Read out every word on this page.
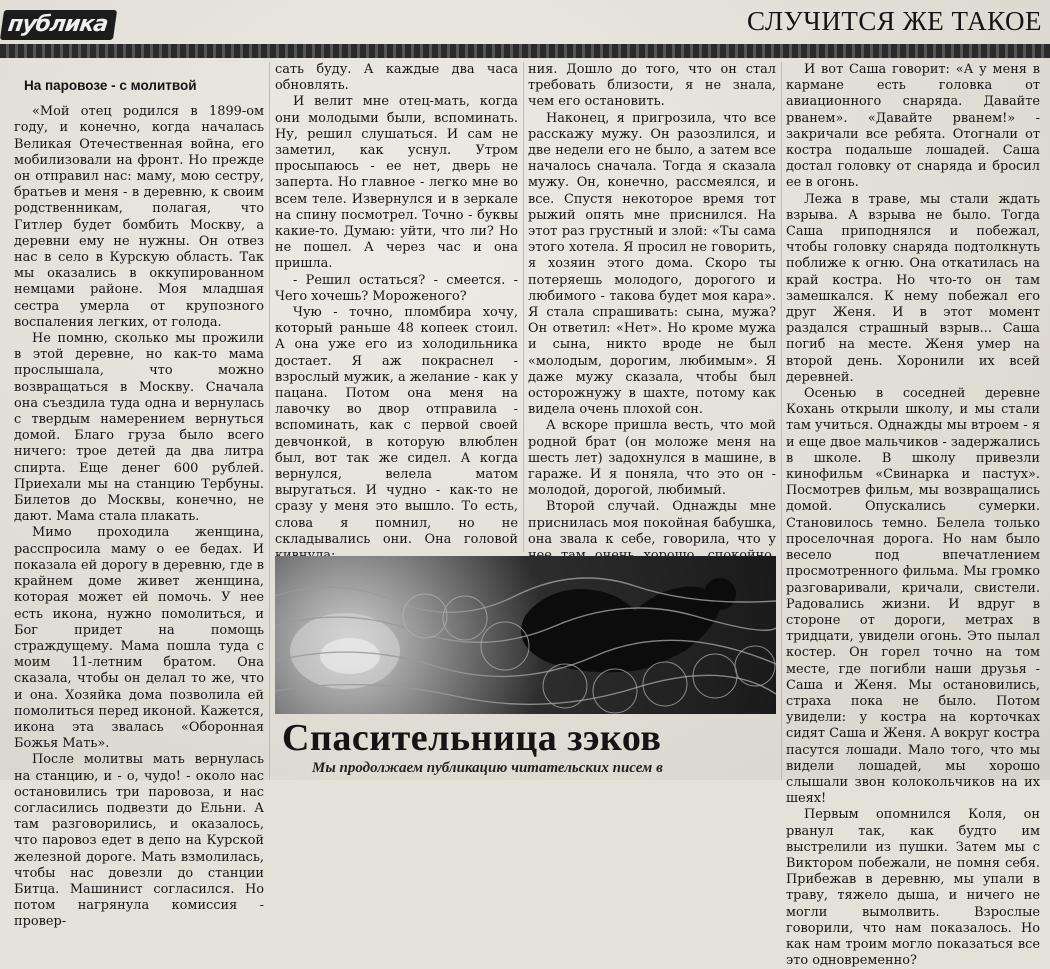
публика	СЛУЧИТСЯ ЖЕ ТАКОЕ
На паровозе - с молитвой

«Мой отец родился в 1899-ом году, и конечно, когда началась Великая Отечественная война, его мобилизовали на фронт. Но прежде он отправил нас: маму, мою сестру, братьев и меня - в деревню, к своим родственникам, полагая, что Гитлер будет бомбить Москву, а деревни ему не нужны. Он отвез нас в село в Курскую область. Так мы оказались в оккупированном немцами районе. Моя младшая сестра умерла от крупозного воспаления легких, от голода.

Не помню, сколько мы прожили в этой деревне, но как-то мама прослышала, что можно возвращаться в Москву. Сначала она съездила туда одна и вернулась с твердым намерением вернуться домой. Благо груза было всего ничего: трое детей да два литра спирта. Еще денег 600 рублей. Приехали мы на станцию Тербуны. Билетов до Москвы, конечно, не дают. Мама стала плакать.

Мимо проходила женщина, расспросила маму о ее бедах. И показала ей дорогу в деревню, где в крайнем доме живет женщина, которая может ей помочь. У нее есть икона, нужно помолиться, и Бог придет на помощь страждущему. Мама пошла туда с моим 11-летним братом. Она сказала, чтобы он делал то же, что и она. Хозяйка дома позволила ей помолиться перед иконой. Кажется, икона эта звалась «Оборонная Божья Мать».

После молитвы мать вернулась на станцию, и - о, чудо! - около нас остановились три паровоза, и нас согласились подвезти до Ельни. А там разговорились, и оказалось, что паровоз едет в депо на Курской железной дороге. Мать взмолилась, чтобы нас довезли до станции Битца. Машинист согласился. Но потом нагрянула комиссия - провер-

сать буду. А каждые два часа обновлять.

И велит мне отец-мать, когда они молодыми были, вспоминать. Ну, решил слушаться. И сам не заметил, как уснул. Утром просыпаюсь - ее нет, дверь не заперта. Но главное - легко мне во всем теле. Извернулся и в зеркале на спину посмотрел. Точно - буквы какие-то. Думаю: уйти, что ли? Но не пошел. А через час и она пришла.

- Решил остаться? - смеется. - Чего хочешь? Мороженого?

Чую - точно, пломбира хочу, который раньше 48 копеек стоил. А она уже его из холодильника достает. Я аж покраснел - взрослый мужик, а желание - как у пацана. Потом она меня на лавочку во двор отправила - вспоминать, как с первой своей девчонкой, в которую влюблен был, вот так же сидел. А когда вернулся, велела матом выругаться. И чудно - как-то не сразу у меня это вышло. То есть, слова я помнил, но не складывались они. Она головой

ния. Дошло до того, что он стал требовать близости, я не знала, чем его остановить.

Наконец, я пригрозила, что все расскажу мужу. Он разозлился, и две недели его не было, а затем все началось сначала. Тогда я сказала мужу. Он, конечно, рассмеялся, и все. Спустя некоторое время тот рыжий опять мне приснился. На этот раз грустный и злой: «Ты сама этого хотела. Я просил не говорить, я хозяин этого дома. Скоро ты потеряешь молодого, дорогого и любимого - такова будет моя кара». Я стала спрашивать: сына, мужа? Он ответил: «Нет». Но кроме мужа и сына, никто вроде не был «молодым, дорогим, любимым». Я даже мужу сказала, чтобы был осторожнужу в шахте, потому как видела очень плохой сон.

А вскоре пришла весть, что мой родной брат (он моложе меня на шесть лет) задохнулся в машине, в гараже. И я поняла, что это он - молодой, дорогой, любимый.

Второй случай. Однажды мне приснилась моя покойная бабушка, она звала к себе, говорила, что у

И вот Саша говорит: «А у меня в кармане есть головка от авиационного снаряда. Давайте рванем». «Давайте рванем!» - закричали все ребята. Отогнали от костра подальше лошадей. Саша достал головку от снаряда и бросил ее в огонь.

Лежа в траве, мы стали ждать взрыва. А взрыва не было. Тогда Саша приподнялся и побежал, чтобы головку снаряда подтолкнуть поближе к огню. Она откатилась на край костра. Но что-то он там замешкался. К нему побежал его друг Женя. И в этот момент раздался страшный взрыв... Саша погиб на месте. Женя умер на второй день. Хоронили их всей деревней.

Осенью в соседней деревне Кохань открыли школу, и мы стали там учиться. Однажды мы втроем - я и еще двое мальчиков - задержались в школе. В школу привезли кинофильм «Свинарка и пастух». Посмотрев фильм, мы возвращались домой. Опускались сумерки. Становилось темно. Белела только проселочная дорога. Но нам было весело под впечатлением просмотренного фильма. Мы громко разговаривали, кричали, свистели. Радовались жизни. И вдруг в стороне от дороги, метрах в тридцати, увидели огонь. Это пылал костер. Он горел точно на том месте, где погибли наши друзья - Саша и Женя. Мы остановились, страха пока не было. Потом увидели: у костра на корточках сидят Саша и Женя. А вокруг костра пасутся лошади. Мало того, что мы видели лошадей, мы хорошо слышали звон колокольчиков на их шеях!

Первым опомнился Коля, он рванул так, как будто им выстрелили из пушки. Затем мы с Виктором побежали, не помня себя. Прибежав в деревню, мы упали в траву, тяжело дыша, и ничего не могли вымолвить. Взрослые говорили, что нам показалось. Но как нам троим могло показаться все это одновременно?

Спасительница зэков
Мы продолжаем публикацию читательских писем в
